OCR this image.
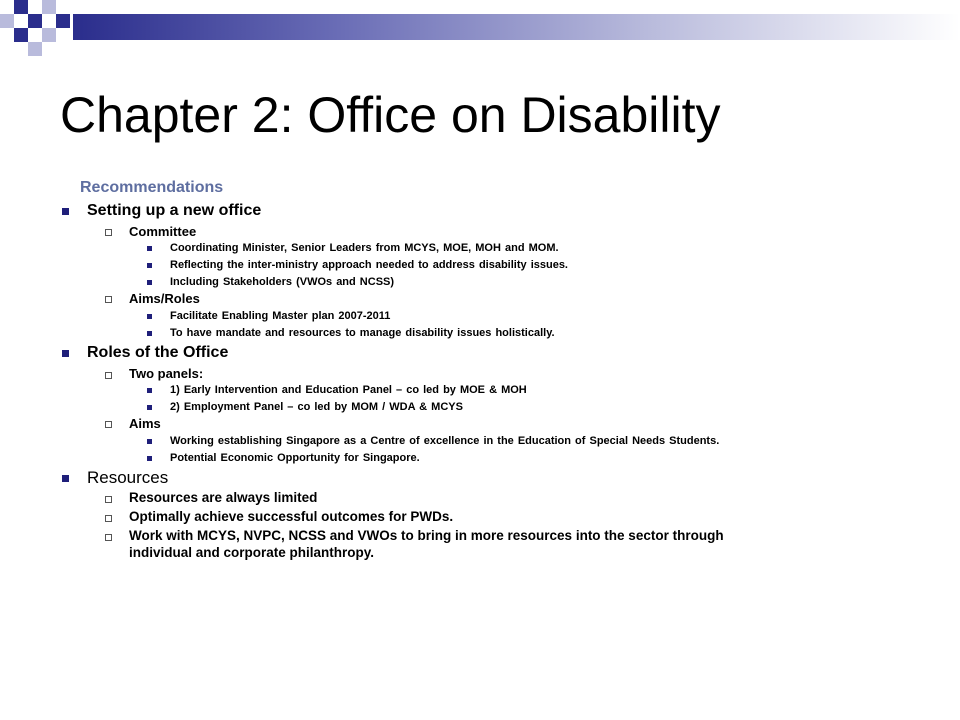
Chapter 2: Office on Disability
Recommendations
Setting up a new office
Committee
Coordinating Minister, Senior Leaders from MCYS, MOE, MOH and MOM.
Reflecting the inter-ministry approach needed to address disability issues.
Including Stakeholders (VWOs and NCSS)
Aims/Roles
Facilitate Enabling Master plan 2007-2011
To have mandate and resources to manage disability issues holistically.
Roles of the Office
Two panels:
1) Early Intervention and Education Panel – co led by MOE & MOH
2) Employment Panel – co led by MOM / WDA & MCYS
Aims
Working establishing Singapore as a Centre of excellence in the Education of Special Needs Students.
Potential Economic Opportunity for Singapore.
Resources
Resources are always limited
Optimally achieve successful outcomes for PWDs.
Work with MCYS, NVPC, NCSS and VWOs to bring in more resources into the sector through
individual and corporate philanthropy.
